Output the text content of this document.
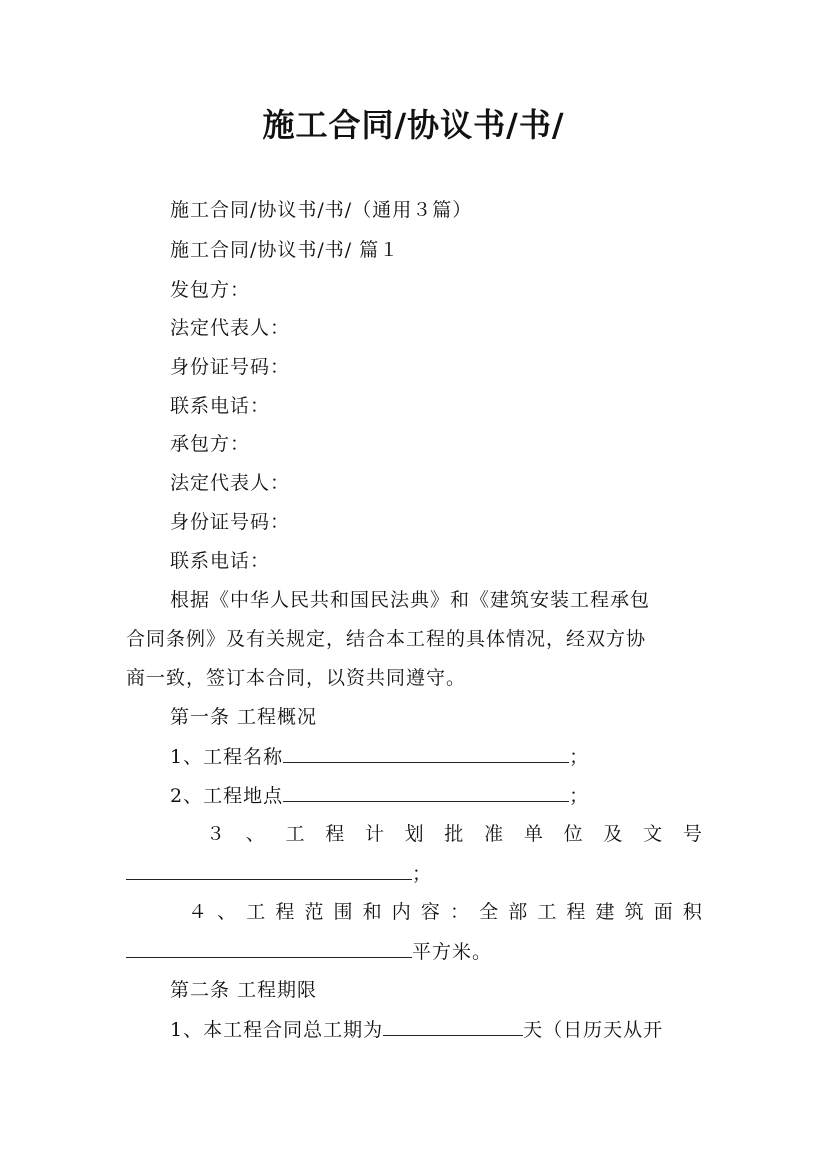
施工合同/协议书/书/
施工合同/协议书/书/（通用３篇）
施工合同/协议书/书/ 篇１
发包方：
法定代表人：
身份证号码：
联系电话：
承包方：
法定代表人：
身份证号码：
联系电话：
根据《中华人民共和国民法典》和《建筑安装工程承包
合同条例》及有关规定，结合本工程的具体情况，经双方协
商一致，签订本合同，以资共同遵守。
第一条 工程概况
1、工程名称	；
2、工程地点	；
３ 、 工 程 计 划 批 准 单 位 及 文 号
；
４ 、 工 程 范 围 和 内 容 ： 全 部 工 程 建 筑 面 积
平方米。
第二条 工程期限
1、本工程合同总工期为	天（日历天从开
